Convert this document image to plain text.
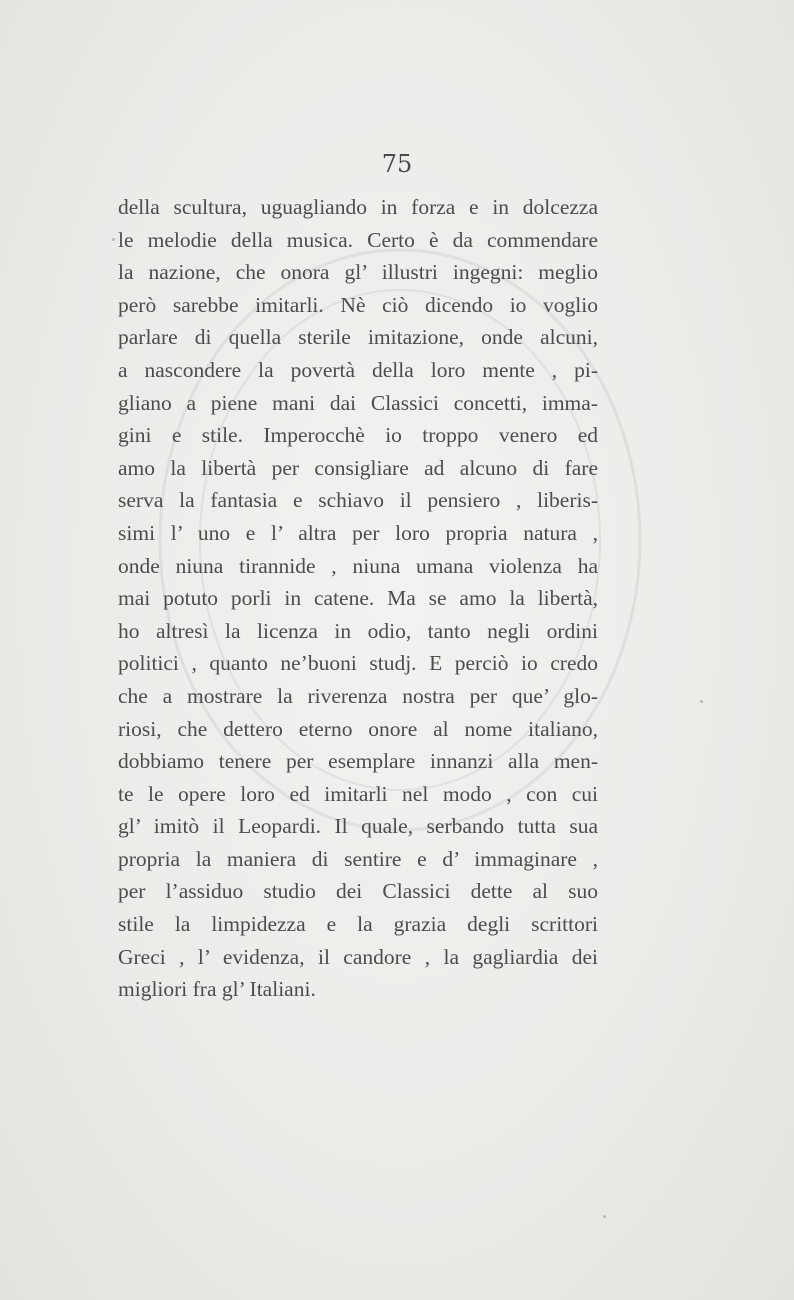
75
della scultura, uguagliando in forza e in dolcezza
le melodie della musica. Certo è da commendare
la nazione, che onora gl’ illustri ingegni: meglio
però sarebbe imitarli. Nè ciò dicendo io voglio
parlare di quella sterile imitazione, onde alcuni,
a nascondere la povertà della loro mente , pi-
gliano a piene mani dai Classici concetti, imma-
gini e stile. Imperocchè io troppo venero ed
amo la libertà per consigliare ad alcuno di fare
serva la fantasia e schiavo il pensiero , liberis-
simi l’ uno e l’ altra per loro propria natura ,
onde niuna tirannide , niuna umana violenza ha
mai potuto porli in catene. Ma se amo la libertà,
ho altresì la licenza in odio, tanto negli ordini
politici , quanto ne’buoni studj. E perciò io credo
che a mostrare la riverenza nostra per que’ glo-
riosi, che dettero eterno onore al nome italiano,
dobbiamo tenere per esemplare innanzi alla men-
te le opere loro ed imitarli nel modo , con cui
gl’ imitò il Leopardi. Il quale, serbando tutta sua
propria la maniera di sentire e d’ immaginare ,
per l’assiduo studio dei Classici dette al suo
stile la limpidezza e la grazia degli scrittori
Greci , l’ evidenza, il candore , la gagliardia dei
migliori fra gl’ Italiani.
